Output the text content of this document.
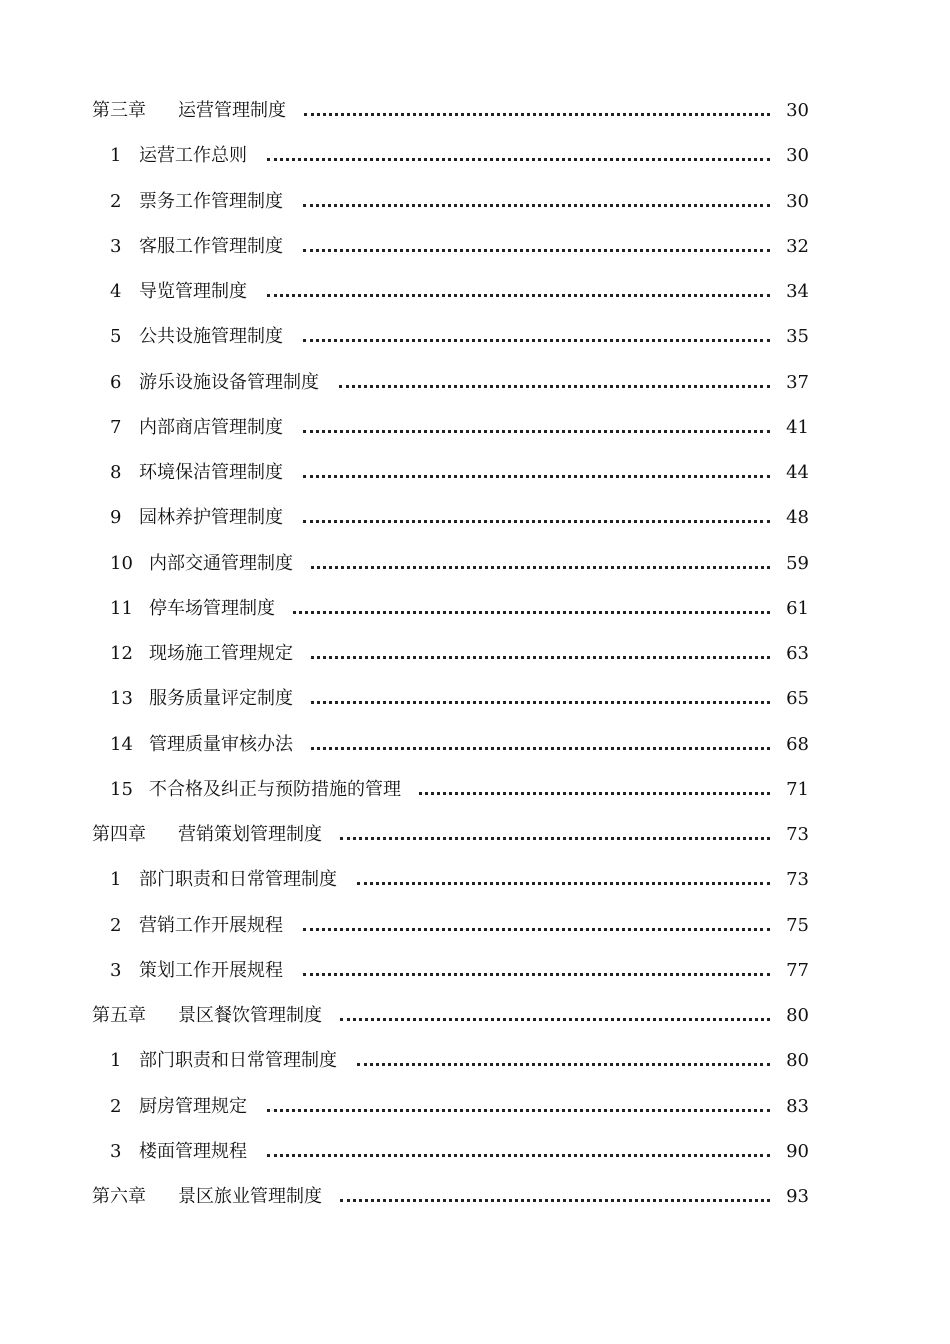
第三章 运营管理制度	30
1 运营工作总则	30
2 票务工作管理制度	30
3 客服工作管理制度	32
4 导览管理制度	34
5 公共设施管理制度	35
6 游乐设施设备管理制度	37
7 内部商店管理制度	41
8 环境保洁管理制度	44
9 园林养护管理制度	48
10 内部交通管理制度	59
11 停车场管理制度	61
12 现场施工管理规定	63
13 服务质量评定制度	65
14 管理质量审核办法	68
15 不合格及纠正与预防措施的管理	71
第四章 营销策划管理制度	73
1 部门职责和日常管理制度	73
2 营销工作开展规程	75
3 策划工作开展规程	77
第五章 景区餐饮管理制度	80
1 部门职责和日常管理制度	80
2 厨房管理规定	83
3 楼面管理规程	90
第六章 景区旅业管理制度	93
